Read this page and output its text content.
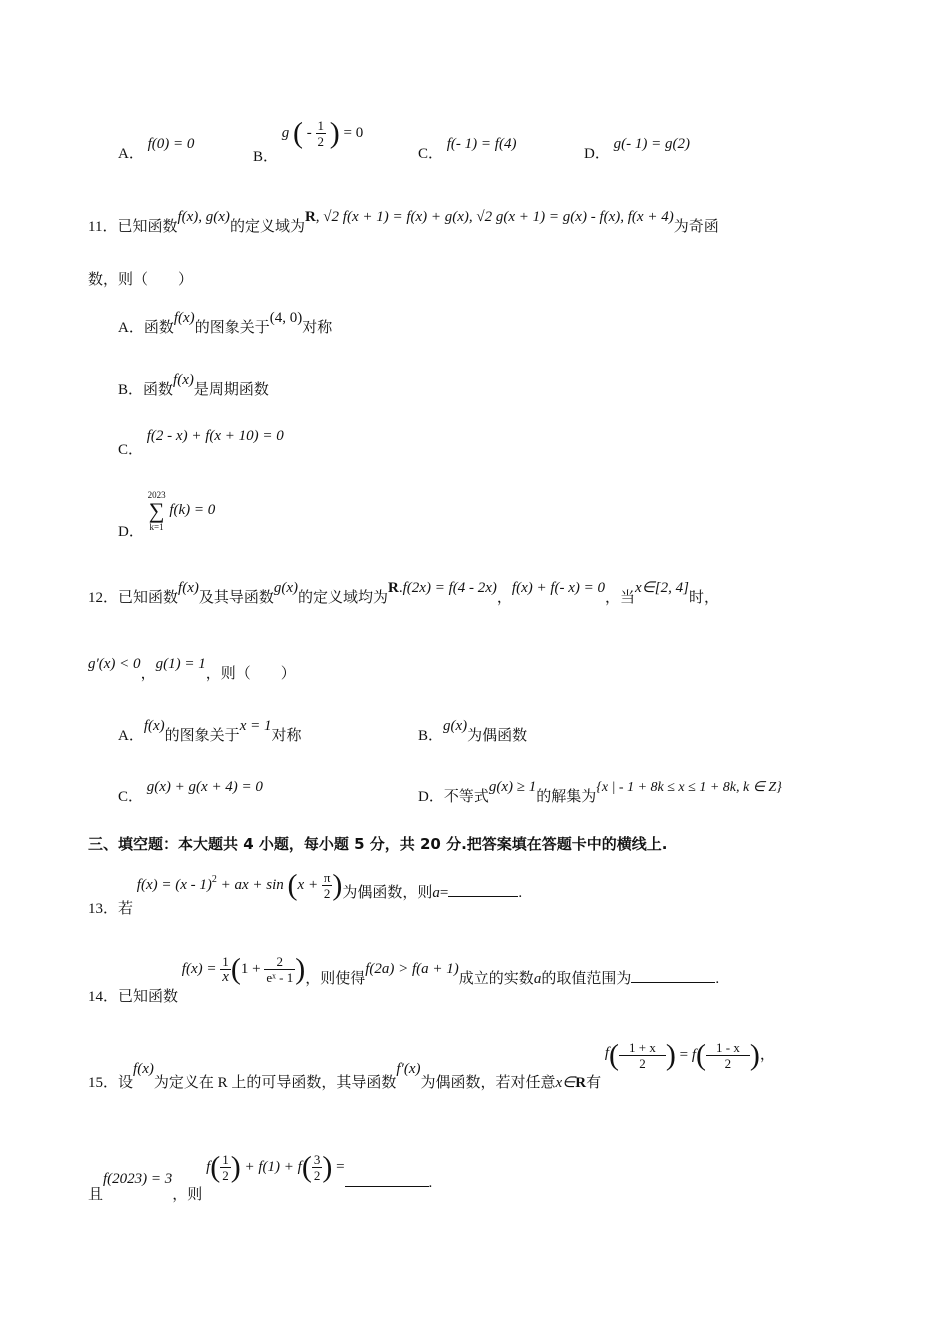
A． f(0) = 0
B． g ( - $\frac{1}{2}$ ) = 0
C． f(- 1) = f(4)
D． g(- 1) = g(2)
11．已知函数f(x), g(x)的定义域为R, √2 f(x + 1) = f(x) + g(x), √2 g(x + 1) = g(x) - f(x), f(x + 4)为奇函
数，则（　　）
A．函数f(x)的图象关于(4, 0)对称
B．函数f(x)是周期函数
C． f(2 - x) + f(x + 10) = 0
D． 2023
∑
k=1 f(k) = 0
12．已知函数f(x)及其导函数g(x)的定义域均为R.f(2x) = f(4 - 2x)，f(x) + f(- x) = 0，当x∈[2, 4]时，
g′(x) < 0，g(1) = 1，则（　　）
A．f(x)的图象关于x = 1对称	B．g(x)为偶函数
C． g(x) + g(x + 4) = 0
D．不等式g(x) ≥ 1的解集为{x | - 1 + 8k ≤ x ≤ 1 + 8k, k ∈ Z}
三、填空题：本大题共 4 小题，每小题 5 分，共 20 分.把答案填在答题卡中的横线上.
13．若 f(x) = (x - 1)$^2$ + ax + $\sin (x + \frac{\pi}{2}$ )为偶函数，则a=	.
14．已知函数 $f(x) = \frac{1}{x} (1 + \frac{2}{\text{eˣ - 1}}$ )，则使得f(2a) > f(a + 1)成立的实数a的取值范围为	.
15．设f(x)为定义在 R 上的可导函数，其导函数f′(x)为偶函数，若对任意x∈R有 $f( \frac{1 + x}{2}$ ) = $f( \frac{1 - x}{2}$ )，
且f(2023) = 3，则 $f( \frac{1}{2}$ ) + $f(1) + f( \frac{3}{2}$ ) =.
